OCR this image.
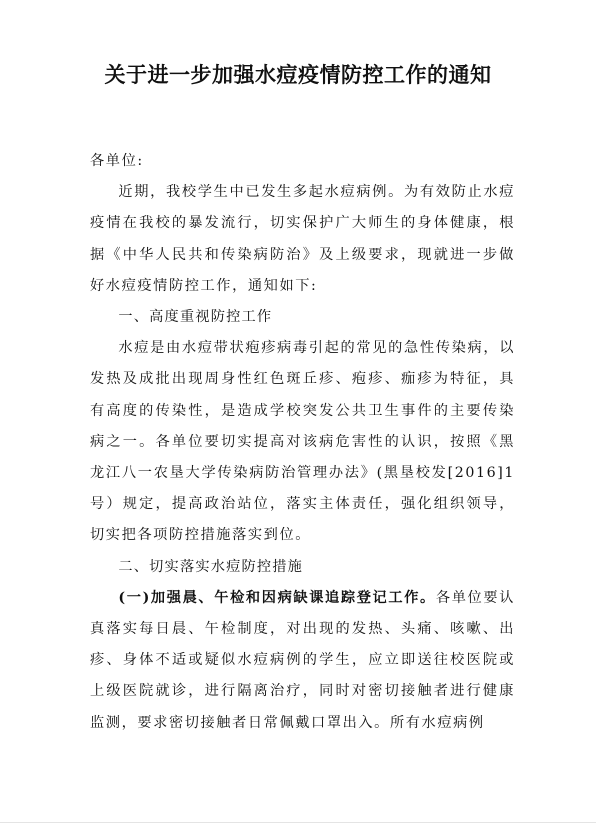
关于进一步加强水痘疫情防控工作的通知

各单位:

近期，我校学生中已发生多起水痘病例。为有效防止水痘疫情在我校的暴发流行，切实保护广大师生的身体健康，根据《中华人民共和传染病防治》及上级要求，现就进一步做好水痘疫情防控工作，通知如下:

一、高度重视防控工作

水痘是由水痘带状疱疹病毒引起的常见的急性传染病，以发热及成批出现周身性红色斑丘疹、疱疹、痂疹为特征，具有高度的传染性，是造成学校突发公共卫生事件的主要传染病之一。各单位要切实提高对该病危害性的认识，按照《黑龙江八一农垦大学传染病防治管理办法》(黑垦校发[2016]1号）规定，提高政治站位，落实主体责任，强化组织领导，切实把各项防控措施落实到位。

二、切实落实水痘防控措施

(一)加强晨、午检和因病缺课追踪登记工作。各单位要认真落实每日晨、午检制度，对出现的发热、头痛、咳嗽、出疹、身体不适或疑似水痘病例的学生，应立即送往校医院或上级医院就诊，进行隔离治疗，同时对密切接触者进行健康监测，要求密切接触者日常佩戴口罩出入。所有水痘病例
